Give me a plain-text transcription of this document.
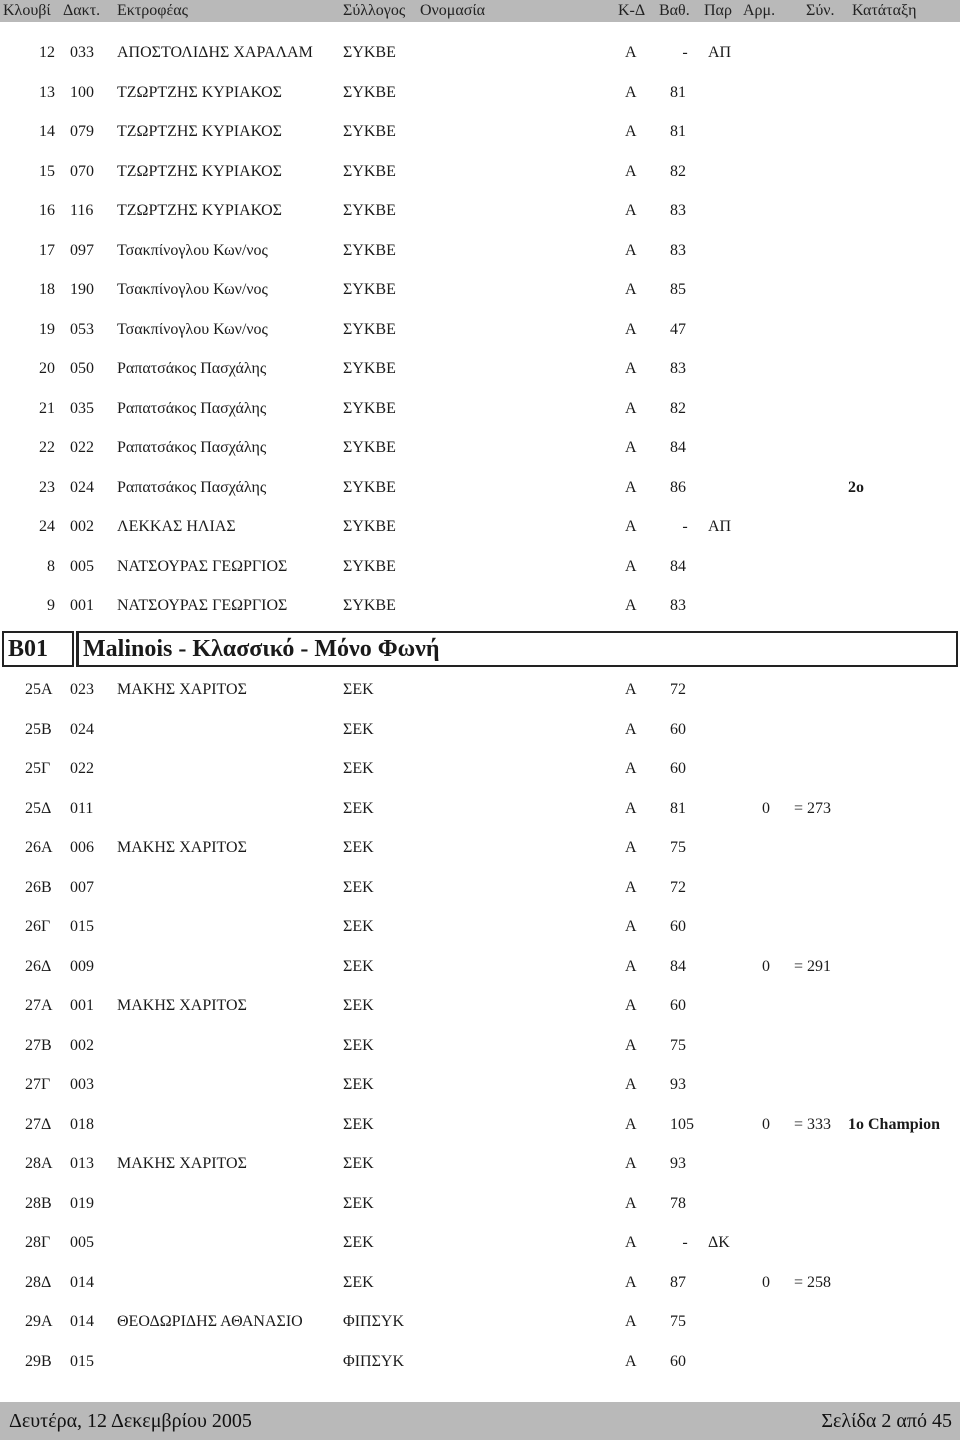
Κλουβί Δακτ. Εκτροφέας	Σύλλογος Ονομασία	Κ-Δ Βαθ. Παρ Αρμ. Σύν. Κατάταξη
12 033 ΑΠΟΣΤΟΛΙΔΗΣ ΧΑΡΑΛΑΜ	ΣΥΚΒΕ	Α	- ΑΠ
13 100 ΤΖΩΡΤΖΗΣ ΚΥΡΙΑΚΟΣ	ΣΥΚΒΕ	Α 81
14 079 ΤΖΩΡΤΖΗΣ ΚΥΡΙΑΚΟΣ	ΣΥΚΒΕ	Α 81
15 070 ΤΖΩΡΤΖΗΣ ΚΥΡΙΑΚΟΣ	ΣΥΚΒΕ	Α 82
16 116 ΤΖΩΡΤΖΗΣ ΚΥΡΙΑΚΟΣ	ΣΥΚΒΕ	Α 83
17 097 Τσακπίνογλου Κων/νος	ΣΥΚΒΕ	Α 83
18 190 Τσακπίνογλου Κων/νος	ΣΥΚΒΕ	Α 85
19 053 Τσακπίνογλου Κων/νος	ΣΥΚΒΕ	Α 47
20 050 Ραπατσάκος Πασχάλης	ΣΥΚΒΕ	Α 83
21 035 Ραπατσάκος Πασχάλης	ΣΥΚΒΕ	Α 82
22 022 Ραπατσάκος Πασχάλης	ΣΥΚΒΕ	Α 84
23 024 Ραπατσάκος Πασχάλης	ΣΥΚΒΕ	Α 86	2ο
24 002 ΛΕΚΚΑΣ ΗΛΙΑΣ	ΣΥΚΒΕ	Α	- ΑΠ
8 005 ΝΑΤΣΟΥΡΑΣ ΓΕΩΡΓΙΟΣ	ΣΥΚΒΕ	Α 84
9 001 ΝΑΤΣΟΥΡΑΣ ΓΕΩΡΓΙΟΣ	ΣΥΚΒΕ	Α 83
B01	Malinois - Κλασσικό - Μόνο Φωνή
25Α 023 ΜΑΚΗΣ ΧΑΡΙΤΟΣ	ΣΕΚ	Α 72
25Β 024	ΣΕΚ	Α 60
25Γ 022	ΣΕΚ	Α 60
25Δ 011	ΣΕΚ	Α 81	0 = 273
26Α 006 ΜΑΚΗΣ ΧΑΡΙΤΟΣ	ΣΕΚ	Α 75
26Β 007	ΣΕΚ	Α 72
26Γ 015	ΣΕΚ	Α 60
26Δ 009	ΣΕΚ	Α 84	0 = 291
27Α 001 ΜΑΚΗΣ ΧΑΡΙΤΟΣ	ΣΕΚ	Α 60
27Β 002	ΣΕΚ	Α 75
27Γ 003	ΣΕΚ	Α 93
27Δ 018	ΣΕΚ	Α 105	0 = 333 1ο Champion
28Α 013 ΜΑΚΗΣ ΧΑΡΙΤΟΣ	ΣΕΚ	Α 93
28Β 019	ΣΕΚ	Α 78
28Γ 005	ΣΕΚ	Α	- ΔΚ
28Δ 014	ΣΕΚ	Α 87	0 = 258
29Α 014 ΘΕΟΔΩΡΙΔΗΣ ΑΘΑΝΑΣΙΟ	ΦΙΠΣΥΚ	Α 75
29Β 015	ΦΙΠΣΥΚ	Α 60
Δευτέρα, 12 Δεκεμβρίου 2005	Σελίδα 2 από 45
